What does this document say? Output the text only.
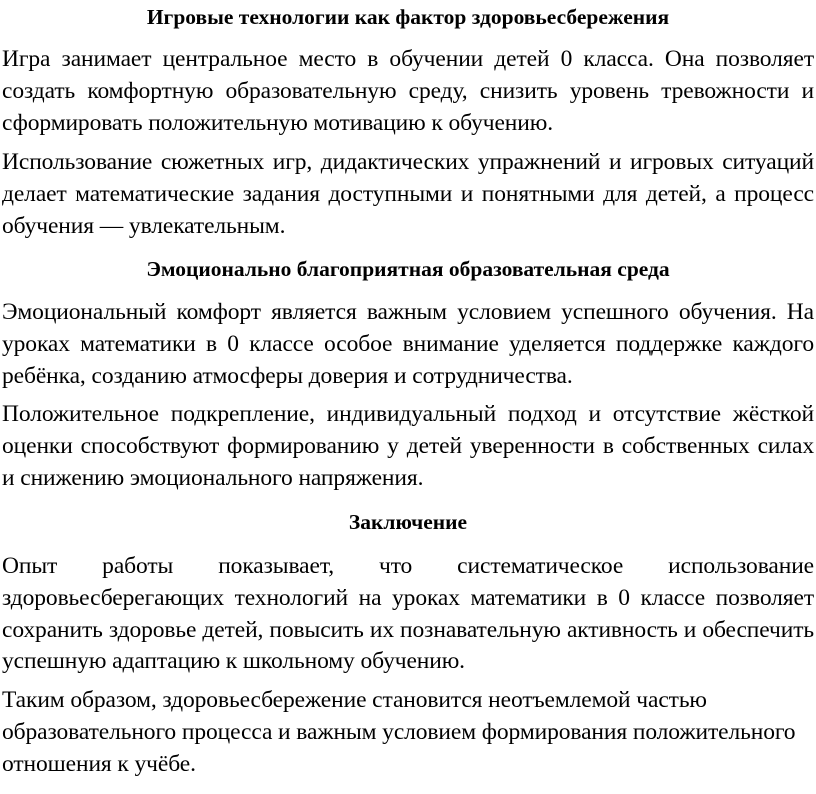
Игровые технологии как фактор здоровьесбережения

Игра занимает центральное место в обучении детей 0 класса. Она позволяет создать комфортную образовательную среду, снизить уровень тревожности и сформировать положительную мотивацию к обучению.

Использование сюжетных игр, дидактических упражнений и игровых ситуаций делает математические задания доступными и понятными для детей, а процесс обучения — увлекательным.

Эмоционально благоприятная образовательная среда

Эмоциональный комфорт является важным условием успешного обучения. На уроках математики в 0 классе особое внимание уделяется поддержке каждого ребёнка, созданию атмосферы доверия и сотрудничества.

Положительное подкрепление, индивидуальный подход и отсутствие жёсткой оценки способствуют формированию у детей уверенности в собственных силах и снижению эмоционального напряжения.

Заключение

Опыт работы показывает, что систематическое использование здоровьесберегающих технологий на уроках математики в 0 классе позволяет сохранить здоровье детей, повысить их познавательную активность и обеспечить успешную адаптацию к школьному обучению.

Таким образом, здоровьесбережение становится неотъемлемой частью образовательного процесса и важным условием формирования положительного отношения к учёбе.
